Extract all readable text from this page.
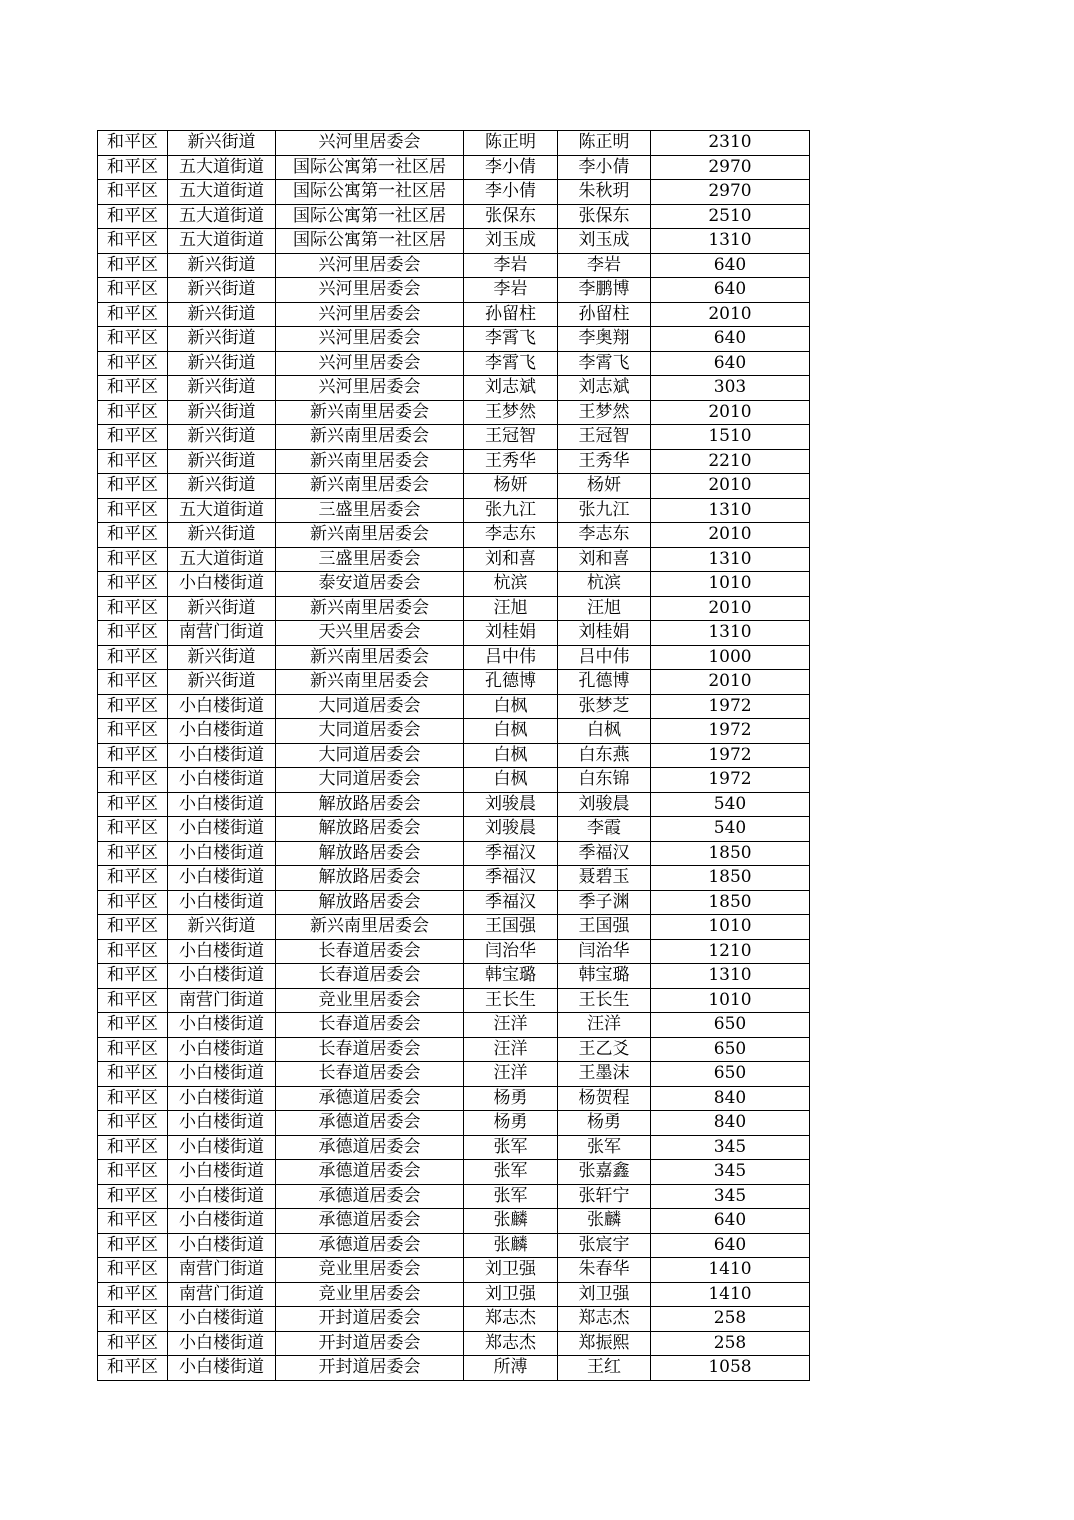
和平区	新兴街道	兴河里居委会	陈正明	陈正明	2310
和平区	五大道街道	国际公寓第一社区居	李小倩	李小倩	2970
和平区	五大道街道	国际公寓第一社区居	李小倩	朱秋玥	2970
和平区	五大道街道	国际公寓第一社区居	张保东	张保东	2510
和平区	五大道街道	国际公寓第一社区居	刘玉成	刘玉成	1310
和平区	新兴街道	兴河里居委会	李岩	李岩	640
和平区	新兴街道	兴河里居委会	李岩	李鹏博	640
和平区	新兴街道	兴河里居委会	孙留柱	孙留柱	2010
和平区	新兴街道	兴河里居委会	李霄飞	李奥翔	640
和平区	新兴街道	兴河里居委会	李霄飞	李霄飞	640
和平区	新兴街道	兴河里居委会	刘志斌	刘志斌	303
和平区	新兴街道	新兴南里居委会	王梦然	王梦然	2010
和平区	新兴街道	新兴南里居委会	王冠智	王冠智	1510
和平区	新兴街道	新兴南里居委会	王秀华	王秀华	2210
和平区	新兴街道	新兴南里居委会	杨妍	杨妍	2010
和平区	五大道街道	三盛里居委会	张九江	张九江	1310
和平区	新兴街道	新兴南里居委会	李志东	李志东	2010
和平区	五大道街道	三盛里居委会	刘和喜	刘和喜	1310
和平区	小白楼街道	泰安道居委会	杭滨	杭滨	1010
和平区	新兴街道	新兴南里居委会	汪旭	汪旭	2010
和平区	南营门街道	天兴里居委会	刘桂娟	刘桂娟	1310
和平区	新兴街道	新兴南里居委会	吕中伟	吕中伟	1000
和平区	新兴街道	新兴南里居委会	孔德博	孔德博	2010
和平区	小白楼街道	大同道居委会	白枫	张梦芝	1972
和平区	小白楼街道	大同道居委会	白枫	白枫	1972
和平区	小白楼街道	大同道居委会	白枫	白东燕	1972
和平区	小白楼街道	大同道居委会	白枫	白东锦	1972
和平区	小白楼街道	解放路居委会	刘骏晨	刘骏晨	540
和平区	小白楼街道	解放路居委会	刘骏晨	李霞	540
和平区	小白楼街道	解放路居委会	季福汉	季福汉	1850
和平区	小白楼街道	解放路居委会	季福汉	聂碧玉	1850
和平区	小白楼街道	解放路居委会	季福汉	季子渊	1850
和平区	新兴街道	新兴南里居委会	王国强	王国强	1010
和平区	小白楼街道	长春道居委会	闫治华	闫治华	1210
和平区	小白楼街道	长春道居委会	韩宝璐	韩宝璐	1310
和平区	南营门街道	竞业里居委会	王长生	王长生	1010
和平区	小白楼街道	长春道居委会	汪洋	汪洋	650
和平区	小白楼街道	长春道居委会	汪洋	王乙爻	650
和平区	小白楼街道	长春道居委会	汪洋	王墨沫	650
和平区	小白楼街道	承德道居委会	杨勇	杨贺程	840
和平区	小白楼街道	承德道居委会	杨勇	杨勇	840
和平区	小白楼街道	承德道居委会	张军	张军	345
和平区	小白楼街道	承德道居委会	张军	张嘉鑫	345
和平区	小白楼街道	承德道居委会	张军	张轩宁	345
和平区	小白楼街道	承德道居委会	张麟	张麟	640
和平区	小白楼街道	承德道居委会	张麟	张宸宇	640
和平区	南营门街道	竞业里居委会	刘卫强	朱春华	1410
和平区	南营门街道	竞业里居委会	刘卫强	刘卫强	1410
和平区	小白楼街道	开封道居委会	郑志杰	郑志杰	258
和平区	小白楼街道	开封道居委会	郑志杰	郑振熙	258
和平区	小白楼街道	开封道居委会	所溥	王红	1058
